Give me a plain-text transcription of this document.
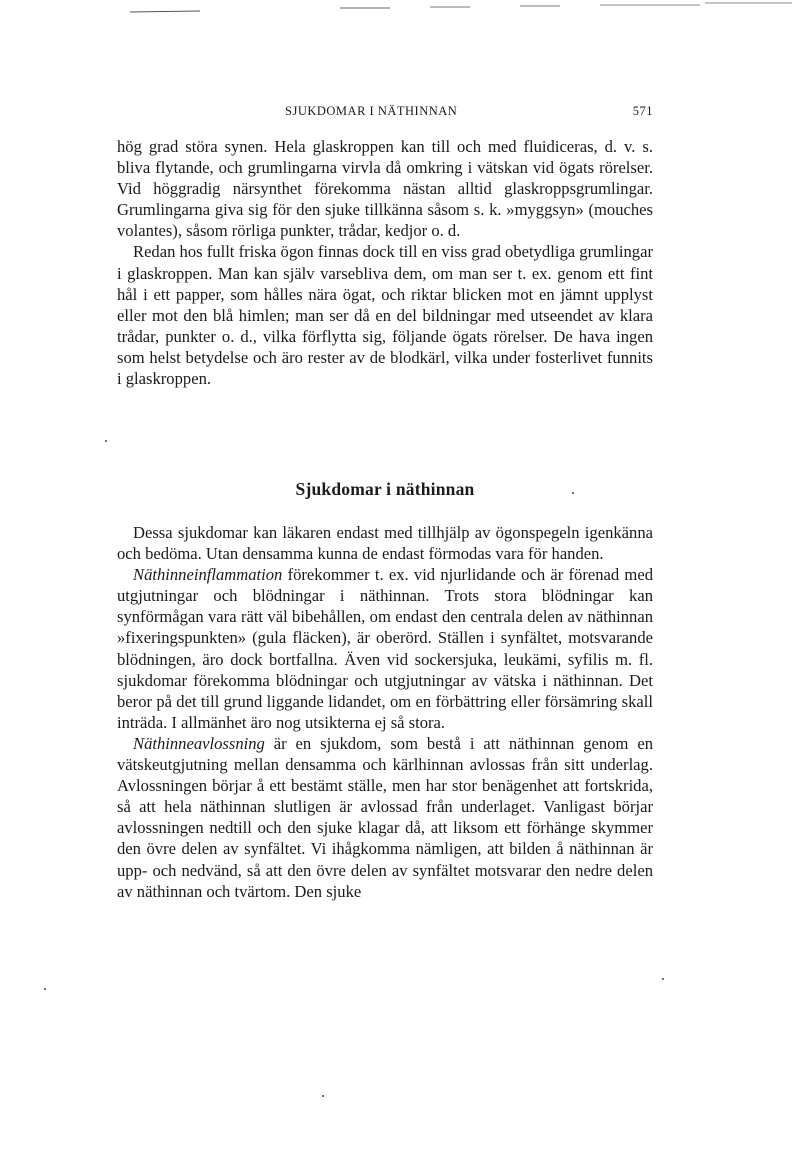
SJUKDOMAR I NÄTHINNAN	571

hög grad störa synen. Hela glaskroppen kan till och med fluidiceras, d. v. s. bliva flytande, och grumlingarna virvla då omkring i vätskan vid ögats rörelser. Vid höggradig närsynthet förekomma nästan alltid glaskroppsgrumlingar. Grumlingarna giva sig för den sjuke tillkänna såsom s. k. »myggsyn» (mouches volantes), såsom rörliga punkter, trådar, kedjor o. d.

Redan hos fullt friska ögon finnas dock till en viss grad obetydliga grumlingar i glaskroppen. Man kan själv varsebliva dem, om man ser t. ex. genom ett fint hål i ett papper, som hålles nära ögat, och riktar blicken mot en jämnt upplyst eller mot den blå himlen; man ser då en del bildningar med utseendet av klara trådar, punkter o. d., vilka förflytta sig, följande ögats rörelser. De hava ingen som helst betydelse och äro rester av de blodkärl, vilka under fosterlivet funnits i glaskroppen.

Sjukdomar i näthinnan

Dessa sjukdomar kan läkaren endast med tillhjälp av ögonspegeln igenkänna och bedöma. Utan densamma kunna de endast förmodas vara för handen.

Näthinneinflammation förekommer t. ex. vid njurlidande och är förenad med utgjutningar och blödningar i näthinnan. Trots stora blödningar kan synförmågan vara rätt väl bibehållen, om endast den centrala delen av näthinnan »fixeringspunkten» (gula fläcken), är oberörd. Ställen i synfältet, motsvarande blödningen, äro dock bortfallna. Även vid sockersjuka, leukämi, syfilis m. fl. sjukdomar förekomma blödningar och utgjutningar av vätska i näthinnan. Det beror på det till grund liggande lidandet, om en förbättring eller försämring skall inträda. I allmänhet äro nog utsikterna ej så stora.

Näthinneavlossning är en sjukdom, som bestå i att näthinnan genom en vätskeutgjutning mellan densamma och kärlhinnan avlossas från sitt underlag. Avlossningen börjar å ett bestämt ställe, men har stor benägenhet att fortskrida, så att hela näthinnan slutligen är avlossad från underlaget. Vanligast börjar avlossningen nedtill och den sjuke klagar då, att liksom ett förhänge skymmer den övre delen av synfältet. Vi ihågkomma nämligen, att bilden å näthinnan är upp- och nedvänd, så att den övre delen av synfältet motsvarar den nedre delen av näthinnan och tvärtom. Den sjuke
